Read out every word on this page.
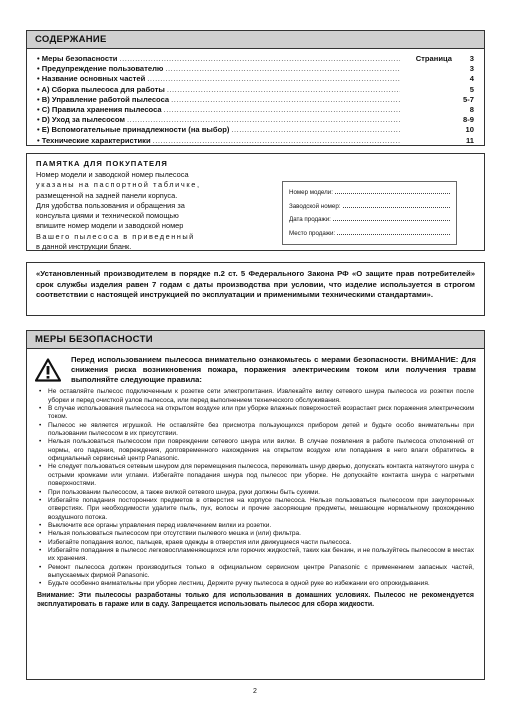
СОДЕРЖАНИЕ
• Меры безопасности .....	Страница	3
• Предупреждение пользователю .....	3
• Название основных частей .....	4
• A) Сборка пылесоса для работы .....	5
• B) Управление работой пылесоса .....	5-7
• C) Правила хранения пылесоса .....	8
• D) Уход за пылесосом .....	8-9
• E) Вспомогательные принадлежности (на выбор) .....	10
• Технические характеристики .....	11
ПАМЯТКА ДЛЯ ПОКУПАТЕЛЯ
Номер модели и заводской номер пылесоса
указаны на паспортной табличке,
размещенной на задней панели корпуса.
Для удобства пользования и обращения за
консульта циями и технической помощью
впишите номер модели и заводской номер
Вашего пылесоса в приведенный
в данной инструкции бланк.
Номер модели:
Заводской номер:
Дата продажи:
Место продажи:
«Установленный производителем в порядке п.2 ст. 5 Федерального Закона РФ «О защите прав потребителей» срок службы изделия равен 7 годам с даты производства при условии, что изделие используется в строгом соответствии с настоящей инструкцией по эксплуатации и применимыми техническими стандартами».
МЕРЫ БЕЗОПАСНОСТИ
Перед использованием пылесоса внимательно ознакомьтесь с мерами безопасности. ВНИМАНИЕ: Для снижения риска возникновения пожара, поражения электрическим током или получения травм выполняйте следующие правила:
• Не оставляйте пылесос подключенным к розетке сети электропитания. Извлекайте вилку сетевого шнура пылесоса из розетки после уборки и перед очисткой узлов пылесоса, или перед выполнением технического обслуживания.
• В случае использования пылесоса на открытом воздухе или при уборке влажных поверхностей возрастает риск поражения электрическим током.
• Пылесос не является игрушкой. Не оставляйте без присмотра пользующихся прибором детей и будьте особо внимательны при пользовании пылесосом в их присутствии.
• Нельзя пользоваться пылесосом при повреждении сетевого шнура или вилки. В случае появления в работе пылесоса отклонений от нормы, его падения, повреждения, долговременного нахождения на открытом воздухе или попадания в него влаги обратитесь в официальный сервисный центр Panasonic.
• Не следует пользоваться сетевым шнуром для перемещения пылесоса, пережимать шнур дверью, допускать контакта натянутого шнура с острыми кромками или углами. Избегайте попадания шнура под пылесос при уборке. Не допускайте контакта шнура с нагретыми поверхностями.
• При пользовании пылесосом, а также вилкой сетевого шнура, руки должны быть сухими.
• Избегайте попадания посторонних предметов в отверстия на корпусе пылесоса. Нельзя пользоваться пылесосом при закупоренных отверстиях. При необходимости удалите пыль, пух, волосы и прочие засоряющие предметы, мешающие нормальному прохождению воздушного потока.
• Выключите все органы управления перед извлечением вилки из розетки.
• Нельзя пользоваться пылесосом при отсутствии пылевого мешка и (или) фильтра.
• Избегайте попадания волос, пальцев, краев одежды в отверстия или движущиеся части пылесоса.
• Избегайте попадания в пылесос легковоспламеняющихся или горючих жидкостей, таких как бензин, и не пользуйтесь пылесосом в местах их хранения.
• Ремонт пылесоса должен производиться только в официальном сервисном центре Panasonic с применением запасных частей, выпускаемых фирмой Panasonic.
• Будьте особенно внимательны при уборке лестниц. Держите ручку пылесоса в одной руке во избежании его опрокидывания.
Внимание: Эти пылесосы разработаны только для использования в домашних условиях. Пылесос не рекомендуется эксплуатировать в гараже или в саду. Запрещается использовать пылесос для сбора жидкости.
2
